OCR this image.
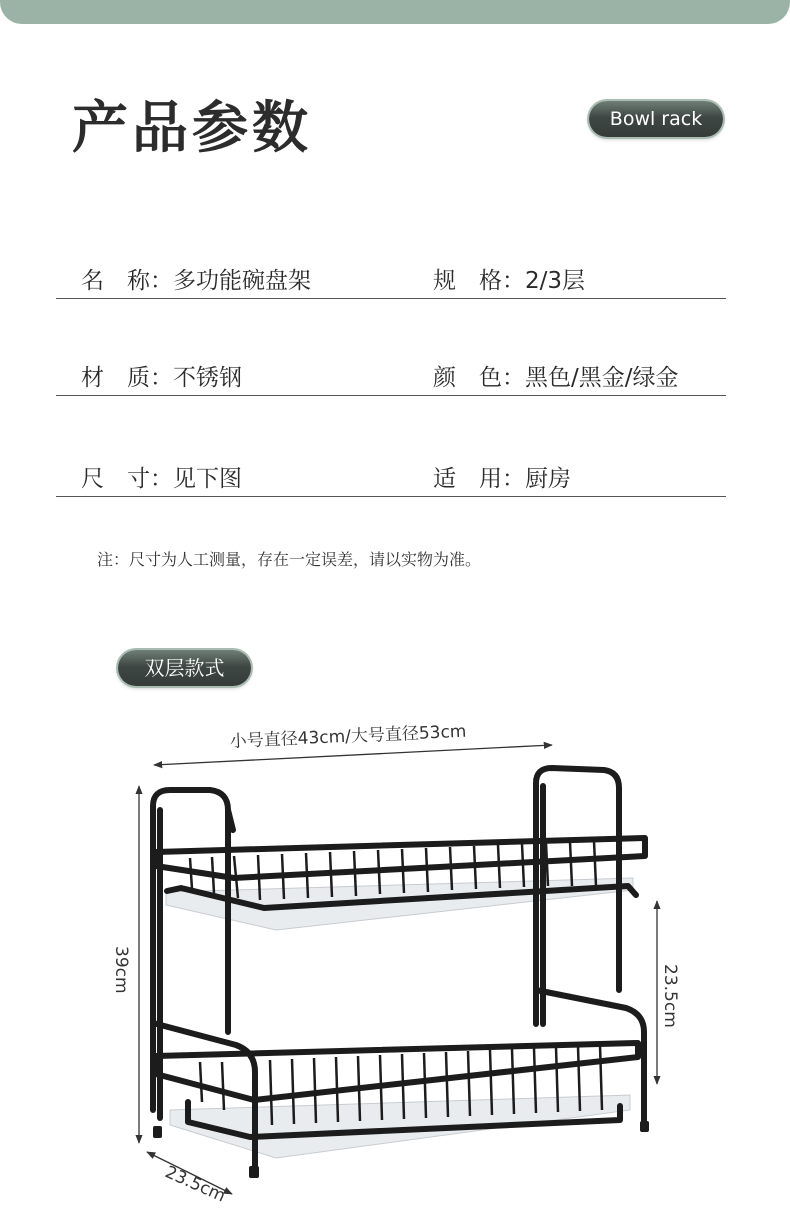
产品参数	Bowl rack
名　称：多功能碗盘架	规　格：2/3层
材　质：不锈钢	颜　色：黑色/黑金/绿金
尺　寸：见下图	适　用：厨房
注：尺寸为人工测量，存在一定误差，请以实物为准。
双层款式
小号直径43cm/大号直径53cm
39cm	23.5cm
23.5cm
